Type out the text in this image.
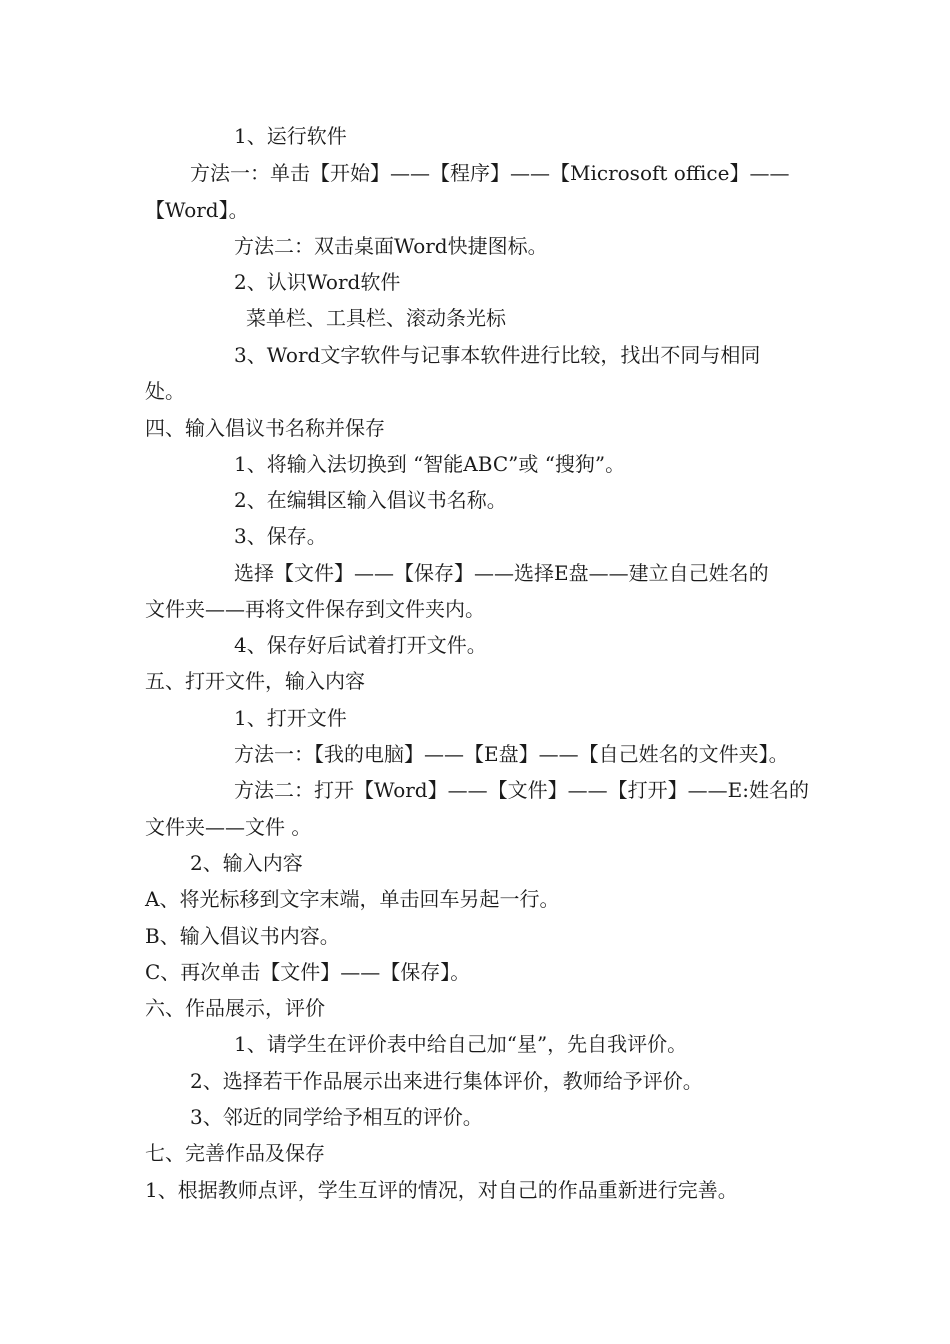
1、运行软件
方法一：单击【开始】——【程序】——【Microsoft office】——
【Word】。
方法二：双击桌面Word快捷图标。
2、认识Word软件
菜单栏、工具栏、滚动条光标
3、Word文字软件与记事本软件进行比较，找出不同与相同
处。
四、输入倡议书名称并保存
1、将输入法切换到 “智能ABC”或 “搜狗”。
2、在编辑区输入倡议书名称。
3、保存。
选择【文件】——【保存】——选择E盘——建立自己姓名的
文件夹——再将文件保存到文件夹内。
4、保存好后试着打开文件。
五、打开文件，输入内容
1、打开文件
方法一：【我的电脑】——【E盘】——【自己姓名的文件夹】。
方法二：打开【Word】——【文件】——【打开】——E:姓名的
文件夹——文件 。
2、输入内容
A、将光标移到文字末端，单击回车另起一行。
B、输入倡议书内容。
C、再次单击【文件】——【保存】。
六、作品展示，评价
1、请学生在评价表中给自己加“星”，先自我评价。
2、选择若干作品展示出来进行集体评价，教师给予评价。
3、邻近的同学给予相互的评价。
七、完善作品及保存
1、根据教师点评，学生互评的情况，对自己的作品重新进行完善。
